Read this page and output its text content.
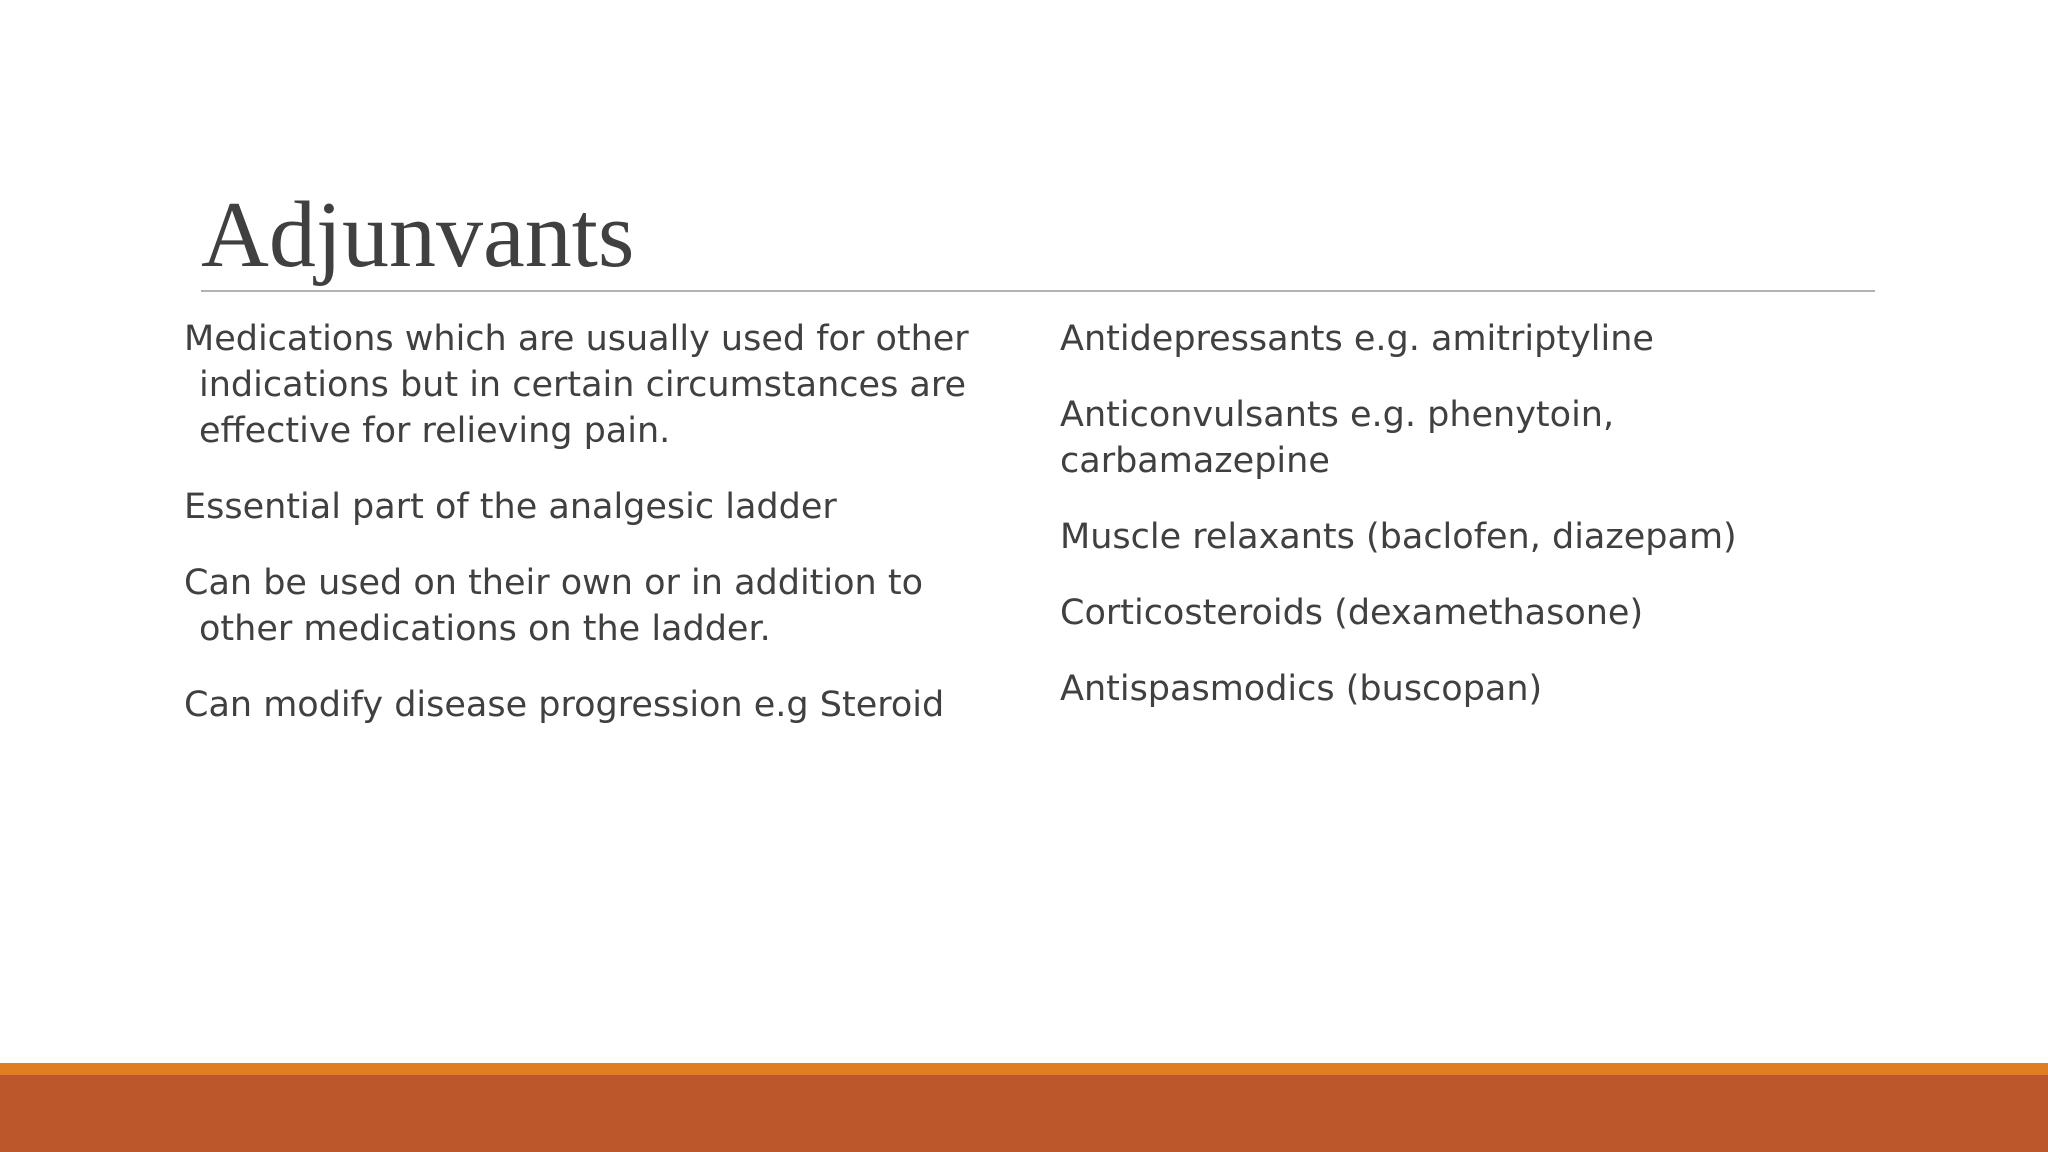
Adjunvants

Medications which are usually used for other indications but in certain circumstances are effective for relieving pain.

Essential part of the analgesic ladder

Can be used on their own or in addition to other medications on the ladder.

Can modify disease progression e.g Steroid

Antidepressants e.g. amitriptyline

Anticonvulsants e.g. phenytoin, carbamazepine

Muscle relaxants (baclofen, diazepam)

Corticosteroids (dexamethasone)

Antispasmodics (buscopan)
